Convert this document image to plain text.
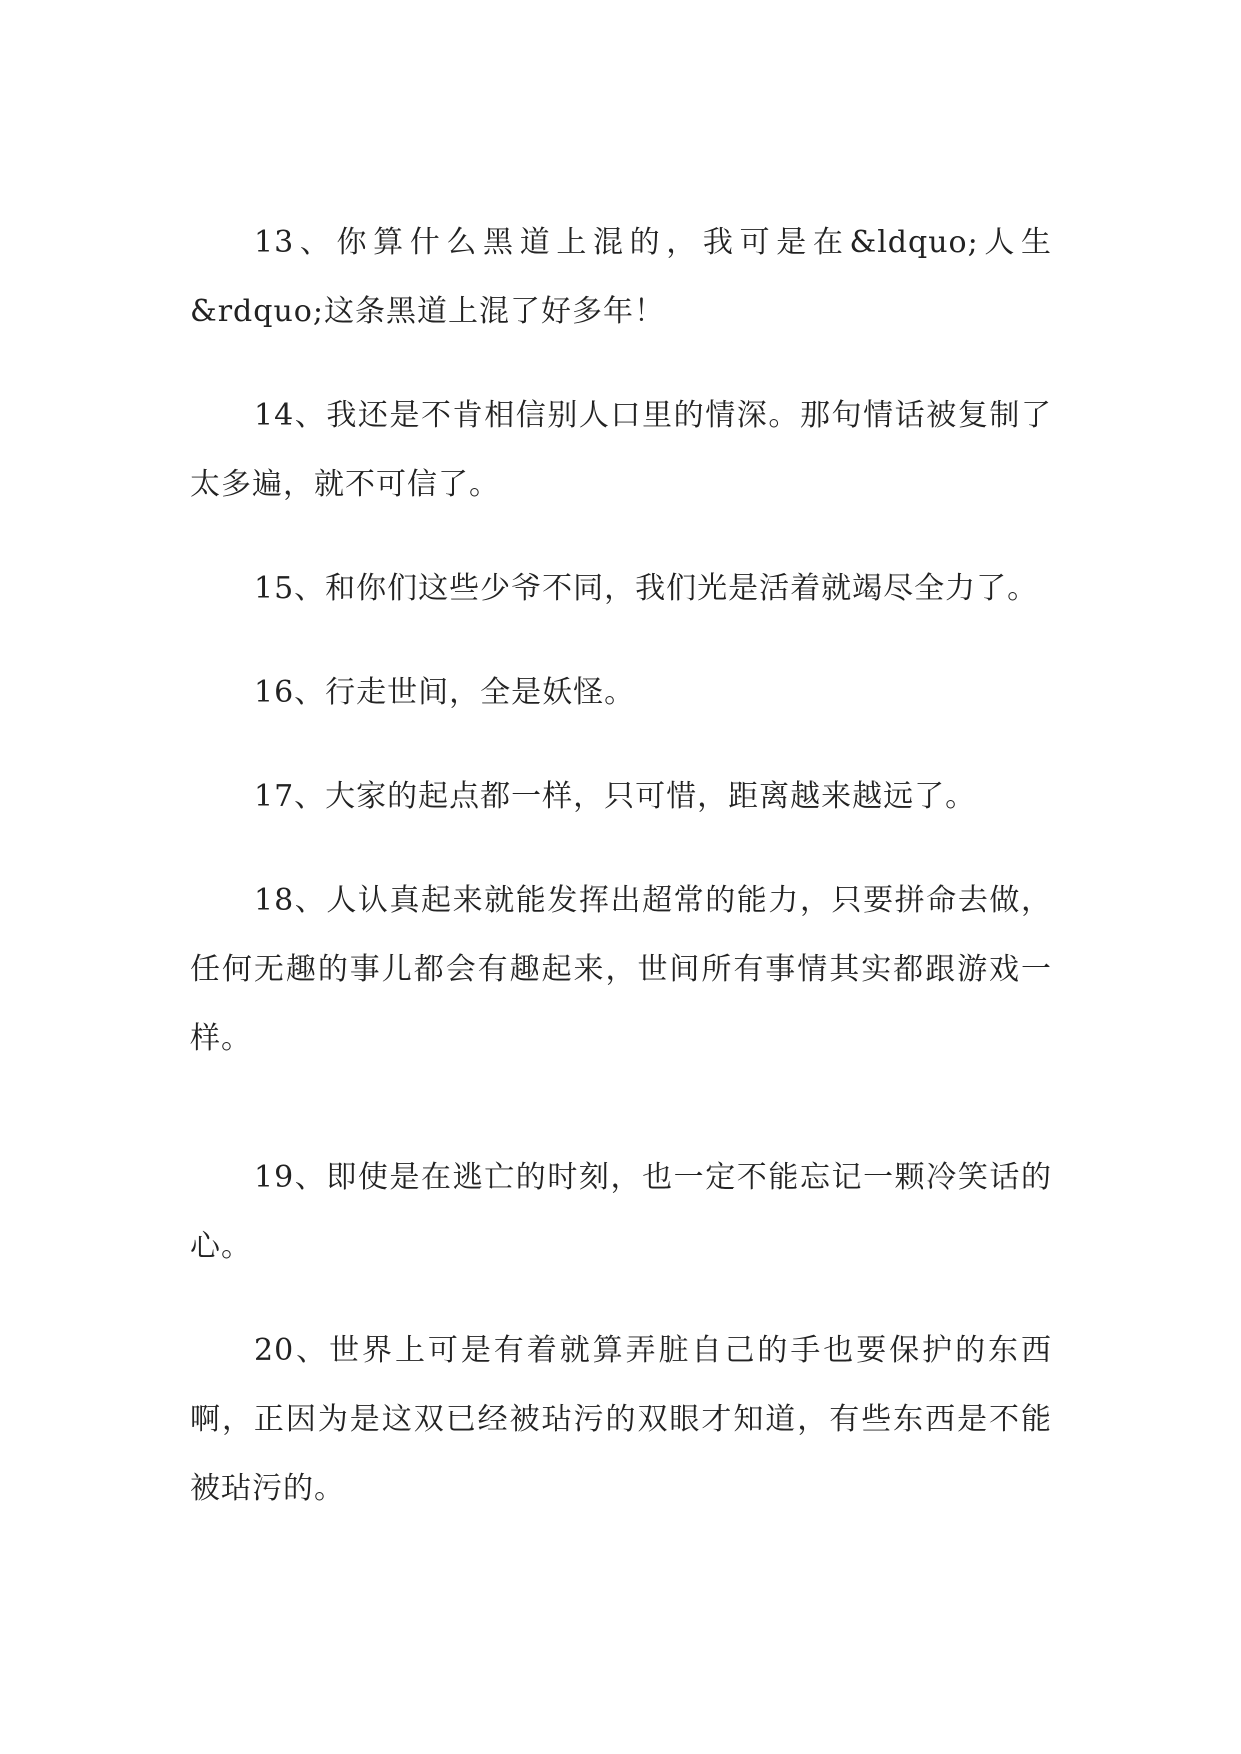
13、你算什么黑道上混的，我可是在&ldquo;人生&rdquo;这条黑道上混了好多年！

14、我还是不肯相信别人口里的情深。那句情话被复制了太多遍，就不可信了。

15、和你们这些少爷不同，我们光是活着就竭尽全力了。

16、行走世间，全是妖怪。

17、大家的起点都一样，只可惜，距离越来越远了。

18、人认真起来就能发挥出超常的能力，只要拼命去做，任何无趣的事儿都会有趣起来，世间所有事情其实都跟游戏一样。

19、即使是在逃亡的时刻，也一定不能忘记一颗冷笑话的心。

20、世界上可是有着就算弄脏自己的手也要保护的东西啊，正因为是这双已经被玷污的双眼才知道，有些东西是不能被玷污的。
